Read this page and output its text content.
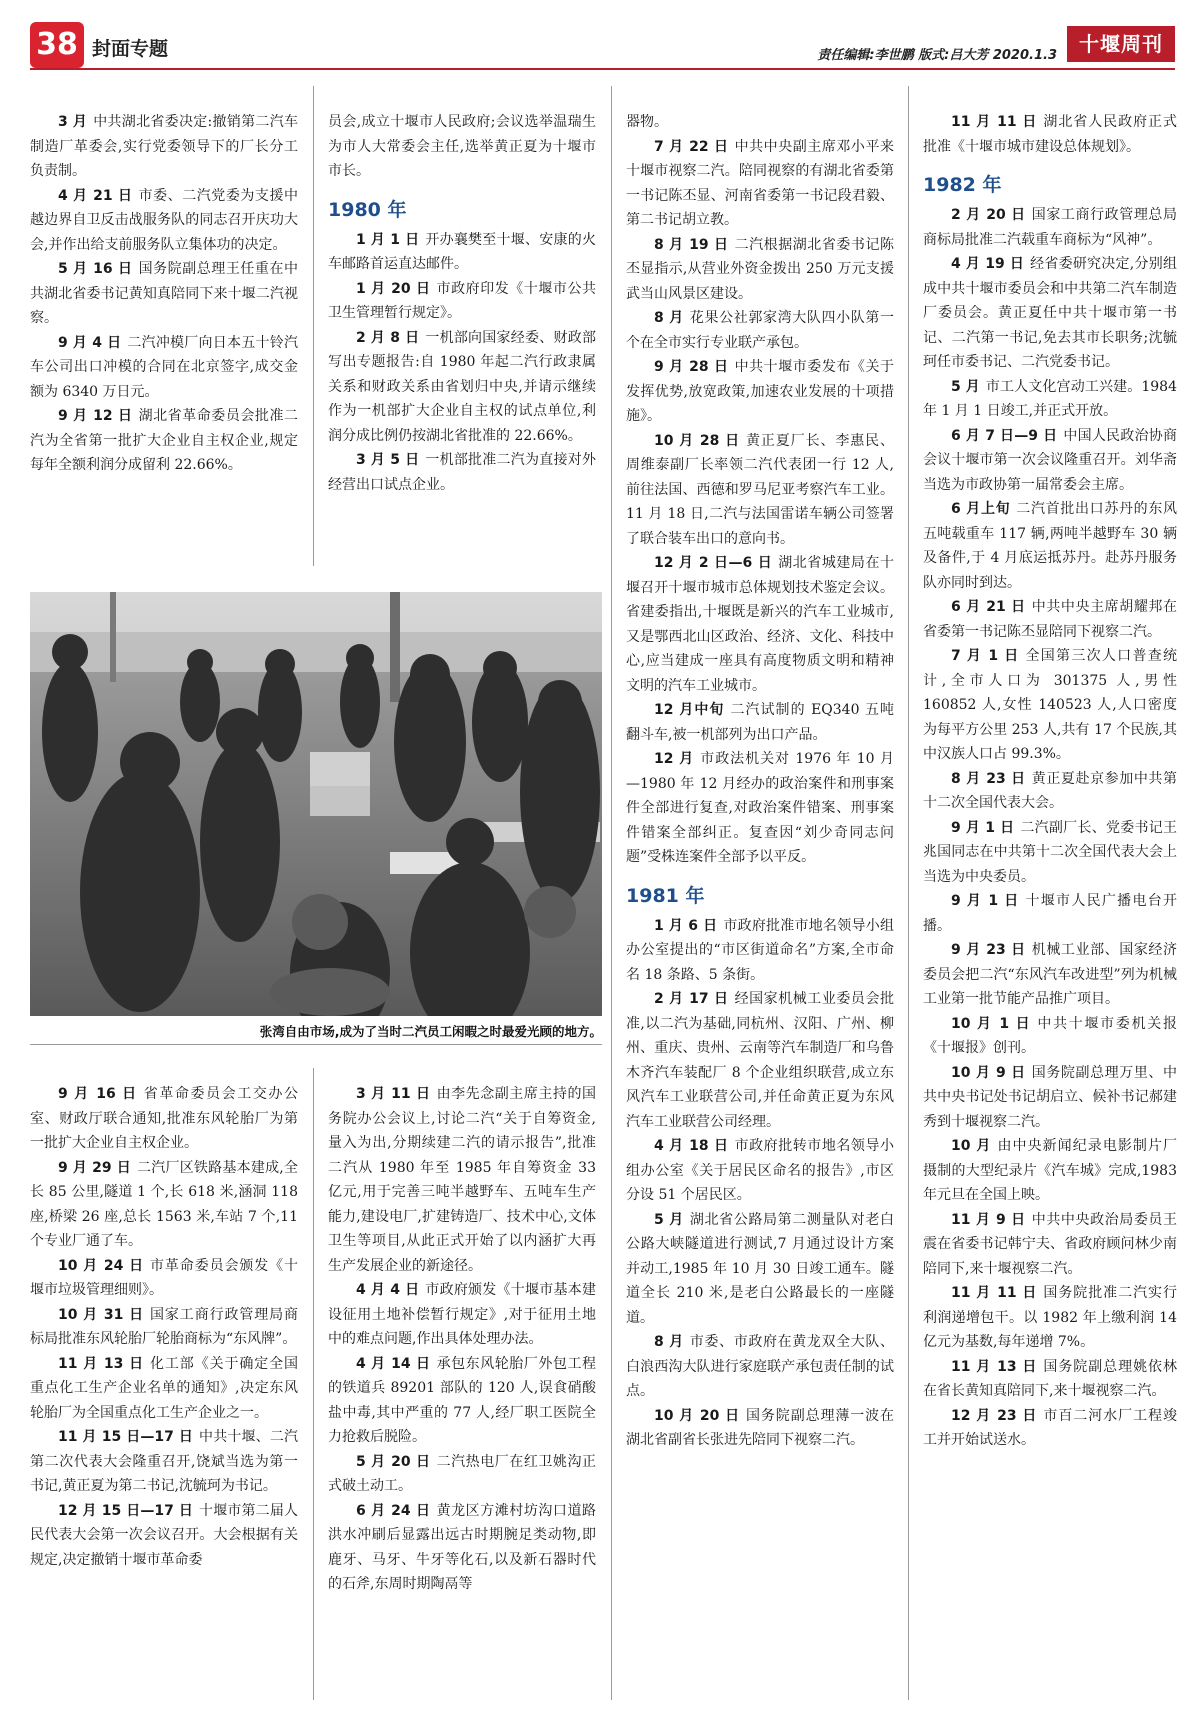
38 封面专题	责任编辑:李世鹏 版式:吕大芳 2020.1.3	十堰周刊

3 月 中共湖北省委决定:撤销第二汽车制造厂革委会,实行党委领导下的厂长分工负责制。

4 月 21 日 市委、二汽党委为支援中越边界自卫反击战服务队的同志召开庆功大会,并作出给支前服务队立集体功的决定。

5 月 16 日 国务院副总理王任重在中共湖北省委书记黄知真陪同下来十堰二汽视察。

9 月 4 日 二汽冲模厂向日本五十铃汽车公司出口冲模的合同在北京签字,成交金额为 6340 万日元。

9 月 12 日 湖北省革命委员会批准二汽为全省第一批扩大企业自主权企业,规定每年全额利润分成留利 22.66%。

员会,成立十堰市人民政府;会议选举温瑞生为市人大常委会主任,选举黄正夏为十堰市市长。

1980 年

1 月 1 日 开办襄樊至十堰、安康的火车邮路首运直达邮件。

1 月 20 日 市政府印发《十堰市公共卫生管理暂行规定》。

2 月 8 日 一机部向国家经委、财政部写出专题报告:自 1980 年起二汽行政隶属关系和财政关系由省划归中央,并请示继续作为一机部扩大企业自主权的试点单位,利润分成比例仍按湖北省批准的 22.66%。

3 月 5 日 一机部批准二汽为直接对外经营出口试点企业。

器物。

7 月 22 日 中共中央副主席邓小平来十堰市视察二汽。陪同视察的有湖北省委第一书记陈丕显、河南省委第一书记段君毅、第二书记胡立教。

8 月 19 日 二汽根据湖北省委书记陈丕显指示,从营业外资金拨出 250 万元支援武当山风景区建设。

8 月 花果公社郭家湾大队四小队第一个在全市实行专业联产承包。

9 月 28 日 中共十堰市委发布《关于发挥优势,放宽政策,加速农业发展的十项措施》。

10 月 28 日 黄正夏厂长、李惠民、周维泰副厂长率领二汽代表团一行 12 人,前往法国、西德和罗马尼亚考察汽车工业。11 月 18 日,二汽与法国雷诺车辆公司签署了联合装车出口的意向书。

12 月 2 日—6 日 湖北省城建局在十堰召开十堰市城市总体规划技术鉴定会议。省建委指出,十堰既是新兴的汽车工业城市,又是鄂西北山区政治、经济、文化、科技中心,应当建成一座具有高度物质文明和精神文明的汽车工业城市。

12 月中旬 二汽试制的 EQ340 五吨翻斗车,被一机部列为出口产品。

12 月 市政法机关对 1976 年 10 月—1980 年 12 月经办的政治案件和刑事案件全部进行复查,对政治案件错案、刑事案件错案全部纠正。复查因“刘少奇同志问题”受株连案件全部予以平反。

1981 年

1 月 6 日 市政府批准市地名领导小组办公室提出的“市区街道命名”方案,全市命名 18 条路、5 条街。

2 月 17 日 经国家机械工业委员会批准,以二汽为基础,同杭州、汉阳、广州、柳州、重庆、贵州、云南等汽车制造厂和乌鲁木齐汽车装配厂 8 个企业组织联营,成立东风汽车工业联营公司,并任命黄正夏为东风汽车工业联营公司经理。

4 月 18 日 市政府批转市地名领导小组办公室《关于居民区命名的报告》,市区分设 51 个居民区。

5 月 湖北省公路局第二测量队对老白公路大峡隧道进行测试,7 月通过设计方案并动工,1985 年 10 月 30 日竣工通车。隧道全长 210 米,是老白公路最长的一座隧道。

8 月 市委、市政府在黄龙双全大队、白浪西沟大队进行家庭联产承包责任制的试点。

10 月 20 日 国务院副总理薄一波在湖北省副省长张进先陪同下视察二汽。

11 月 11 日 湖北省人民政府正式批准《十堰市城市建设总体规划》。

1982 年

2 月 20 日 国家工商行政管理总局商标局批准二汽载重车商标为“风神”。

4 月 19 日 经省委研究决定,分别组成中共十堰市委员会和中共第二汽车制造厂委员会。黄正夏任中共十堰市第一书记、二汽第一书记,免去其市长职务;沈毓珂任市委书记、二汽党委书记。

5 月 市工人文化宫动工兴建。1984 年 1 月 1 日竣工,并正式开放。

6 月 7 日—9 日 中国人民政治协商会议十堰市第一次会议隆重召开。刘华斋当选为市政协第一届常委会主席。

6 月上旬 二汽首批出口苏丹的东风五吨载重车 117 辆,两吨半越野车 30 辆及备件,于 4 月底运抵苏丹。赴苏丹服务队亦同时到达。

6 月 21 日 中共中央主席胡耀邦在省委第一书记陈丕显陪同下视察二汽。

7 月 1 日 全国第三次人口普查统计,全市人口为 301375 人,男性 160852 人,女性 140523 人,人口密度为每平方公里 253 人,共有 17 个民族,其中汉族人口占 99.3%。

8 月 23 日 黄正夏赴京参加中共第十二次全国代表大会。

9 月 1 日 二汽副厂长、党委书记王兆国同志在中共第十二次全国代表大会上当选为中央委员。

9 月 1 日 十堰市人民广播电台开播。

9 月 23 日 机械工业部、国家经济委员会把二汽“东风汽车改进型”列为机械工业第一批节能产品推广项目。

10 月 1 日 中共十堰市委机关报《十堰报》创刊。

10 月 9 日 国务院副总理万里、中共中央书记处书记胡启立、候补书记郝建秀到十堰视察二汽。

10 月 由中央新闻纪录电影制片厂摄制的大型纪录片《汽车城》完成,1983 年元旦在全国上映。

11 月 9 日 中共中央政治局委员王震在省委书记韩宁夫、省政府顾问林少南陪同下,来十堰视察二汽。

11 月 11 日 国务院批准二汽实行利润递增包干。以 1982 年上缴利润 14 亿元为基数,每年递增 7%。

11 月 13 日 国务院副总理姚依林在省长黄知真陪同下,来十堰视察二汽。

12 月 23 日 市百二河水厂工程竣工并开始试送水。

9 月 16 日 省革命委员会工交办公室、财政厅联合通知,批准东风轮胎厂为第一批扩大企业自主权企业。

9 月 29 日 二汽厂区铁路基本建成,全长 85 公里,隧道 1 个,长 618 米,涵洞 118 座,桥梁 26 座,总长 1563 米,车站 7 个,11 个专业厂通了车。

10 月 24 日 市革命委员会颁发《十堰市垃圾管理细则》。

10 月 31 日 国家工商行政管理局商标局批准东风轮胎厂轮胎商标为“东风牌”。

11 月 13 日 化工部《关于确定全国重点化工生产企业名单的通知》,决定东风轮胎厂为全国重点化工生产企业之一。

11 月 15 日—17 日 中共十堰、二汽第二次代表大会隆重召开,饶斌当选为第一书记,黄正夏为第二书记,沈毓珂为书记。

12 月 15 日—17 日 十堰市第二届人民代表大会第一次会议召开。大会根据有关规定,决定撤销十堰市革命委

3 月 11 日 由李先念副主席主持的国务院办公会议上,讨论二汽“关于自筹资金,量入为出,分期续建二汽的请示报告”,批准二汽从 1980 年至 1985 年自筹资金 33 亿元,用于完善三吨半越野车、五吨车生产能力,建设电厂,扩建铸造厂、技术中心,文体卫生等项目,从此正式开始了以内涵扩大再生产发展企业的新途径。

4 月 4 日 市政府颁发《十堰市基本建设征用土地补偿暂行规定》,对于征用土地中的难点问题,作出具体处理办法。

4 月 14 日 承包东风轮胎厂外包工程的铁道兵 89201 部队的 120 人,误食硝酸盐中毒,其中严重的 77 人,经厂职工医院全力抢救后脱险。

5 月 20 日 二汽热电厂在红卫姚沟正式破土动工。

6 月 24 日 黄龙区方滩村坊沟口道路洪水冲刷后显露出远古时期腕足类动物,即鹿牙、马牙、牛牙等化石,以及新石器时代的石斧,东周时期陶鬲等

张湾自由市场,成为了当时二汽员工闲暇之时最爱光顾的地方。
